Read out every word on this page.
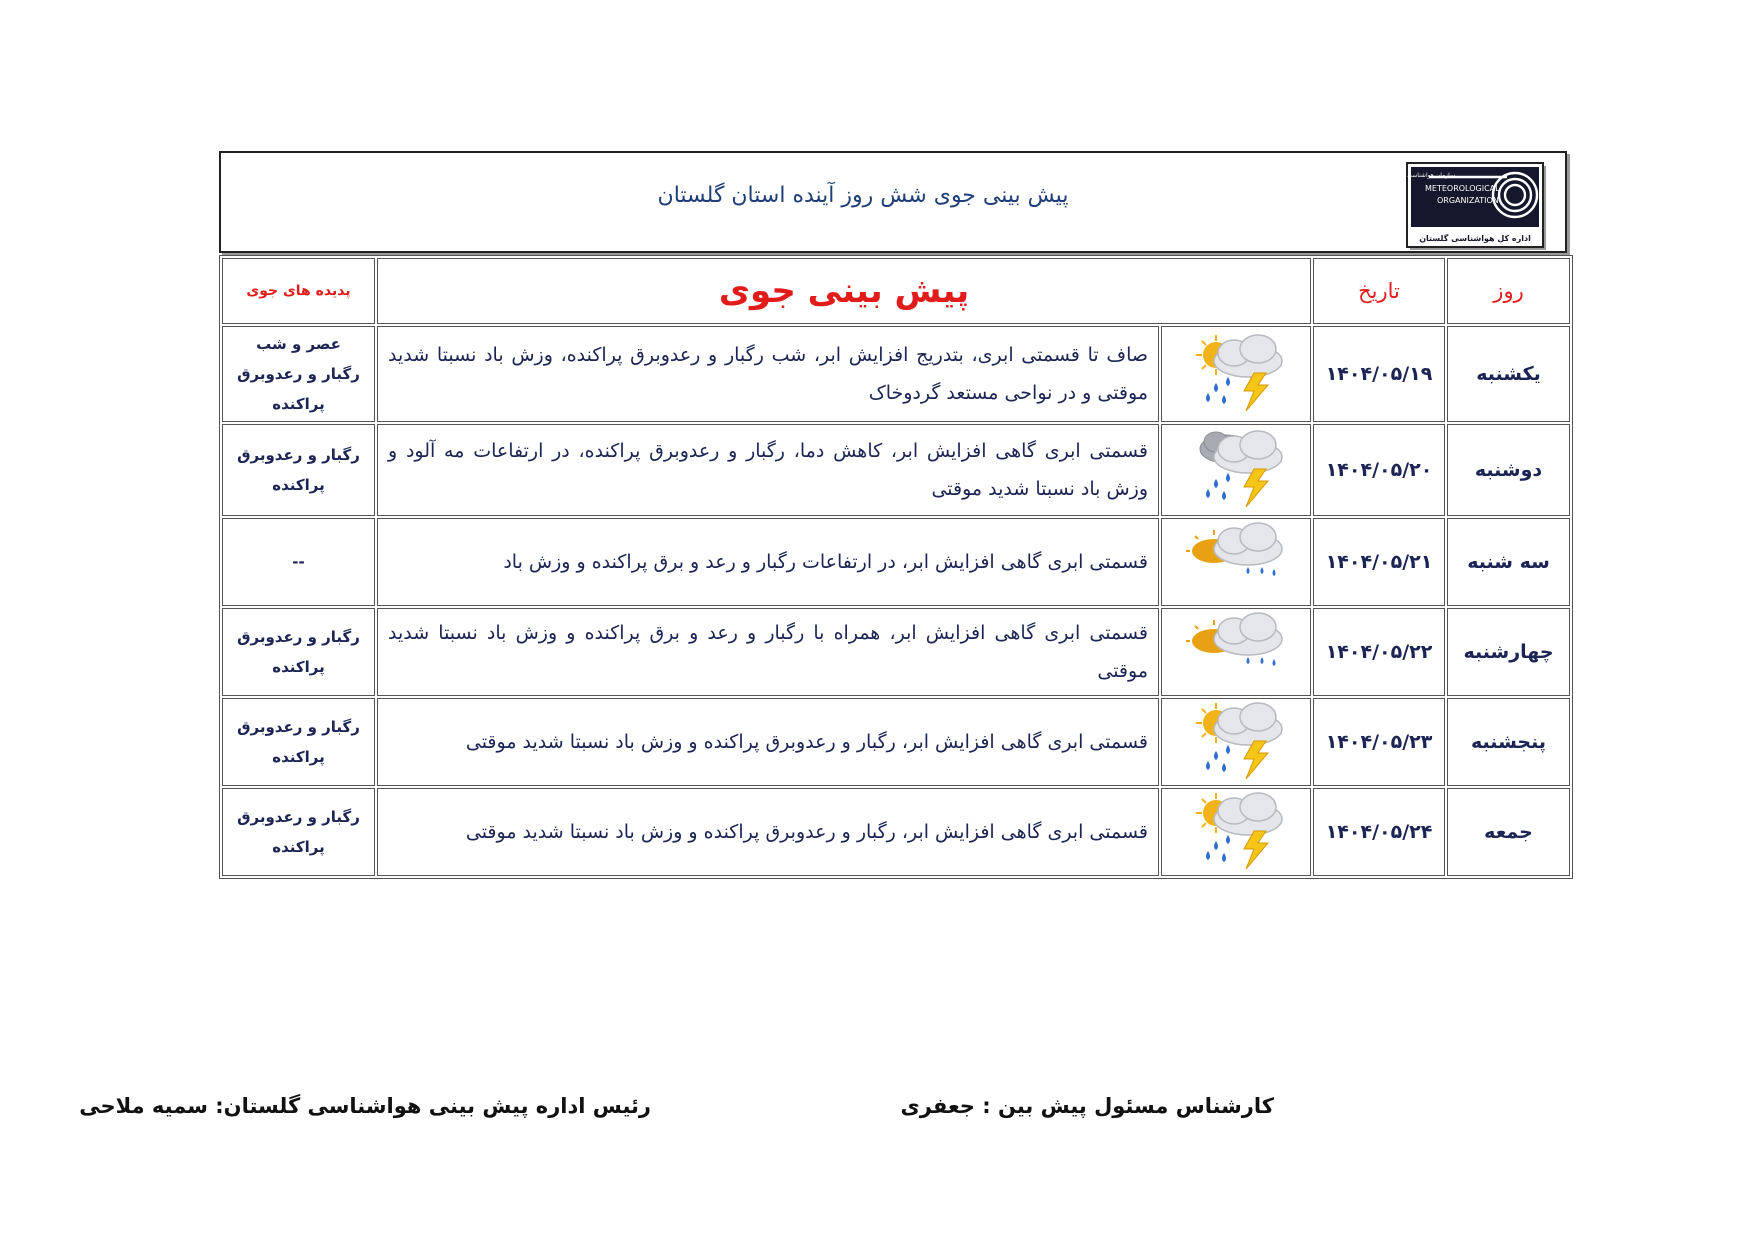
پیش بینی جوی شش روز آینده استان گلستان
سازمان هواشناسی کشور
METEOROLOGICAL
ORGANIZATION
اداره کل هواشناسی گلستان
روز	تاریخ	پیش بینی جوی		پدیده های جوی
یکشنبه	۱۴۰۴/۰۵/۱۹		صاف تا قسمتی ابری، بتدریج افزایش ابر، شب رگبار و رعدوبرق پراکنده، وزش باد نسبتا شدید موقتی و در نواحی مستعد گردوخاک	عصر و شب
رگبار و رعدوبرق
پراکنده

دوشنبه	۱۴۰۴/۰۵/۲۰		قسمتی ابری گاهی افزایش ابر، کاهش دما، رگبار و رعدوبرق پراکنده، در ارتفاعات مه آلود و وزش باد نسبتا شدید موقتی	رگبار و رعدوبرق
پراکنده

سه شنبه	۱۴۰۴/۰۵/۲۱		قسمتی ابری گاهی افزایش ابر، در ارتفاعات رگبار و رعد و برق پراکنده و وزش باد	--

چهارشنبه	۱۴۰۴/۰۵/۲۲		قسمتی ابری گاهی افزایش ابر، همراه با رگبار و رعد و برق پراکنده و وزش باد نسبتا شدید موقتی	رگبار و رعدوبرق
پراکنده

پنجشنبه	۱۴۰۴/۰۵/۲۳		قسمتی ابری گاهی افزایش ابر، رگبار و رعدوبرق پراکنده و وزش باد نسبتا شدید موقتی	رگبار و رعدوبرق
پراکنده

جمعه	۱۴۰۴/۰۵/۲۴		قسمتی ابری گاهی افزایش ابر، رگبار و رعدوبرق پراکنده و وزش باد نسبتا شدید موقتی	رگبار و رعدوبرق
پراکنده
کارشناس مسئول پیش بین : جعفری
رئیس اداره پیش بینی هواشناسی گلستان: سمیه ملاحی
